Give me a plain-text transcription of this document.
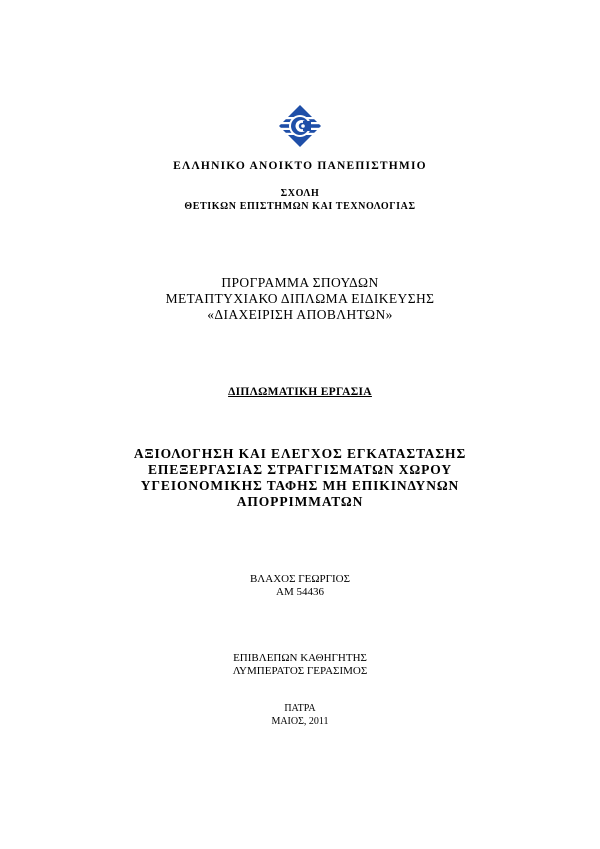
ΕΛΛΗΝΙΚΟ ΑΝΟΙΚΤΟ ΠΑΝΕΠΙΣΤΗΜΙΟ
ΣΧΟΛΗ
ΘΕΤΙΚΩΝ ΕΠΙΣΤΗΜΩΝ ΚΑΙ ΤΕΧΝΟΛΟΓΙΑΣ
ΠΡΟΓΡΑΜΜΑ ΣΠΟΥΔΩΝ
ΜΕΤΑΠΤΥΧΙΑΚΟ ΔΙΠΛΩΜΑ ΕΙΔΙΚΕΥΣΗΣ
«ΔΙΑΧΕΙΡΙΣΗ ΑΠΟΒΛΗΤΩΝ»
ΔΙΠΛΩΜΑΤΙΚΗ ΕΡΓΑΣΙΑ
ΑΞΙΟΛΟΓΗΣΗ ΚΑΙ ΕΛΕΓΧΟΣ ΕΓΚΑΤΑΣΤΑΣΗΣ
ΕΠΕΞΕΡΓΑΣΙΑΣ ΣΤΡΑΓΓΙΣΜΑΤΩΝ ΧΩΡΟΥ
ΥΓΕΙΟΝΟΜΙΚΗΣ ΤΑΦΗΣ ΜΗ ΕΠΙΚΙΝΔΥΝΩΝ
ΑΠΟΡΡΙΜΜΑΤΩΝ
ΒΛΑΧΟΣ ΓΕΩΡΓΙΟΣ
ΑΜ 54436
ΕΠΙΒΛΕΠΩΝ ΚΑΘΗΓΗΤΗΣ
ΛΥΜΠΕΡΑΤΟΣ ΓΕΡΑΣΙΜΟΣ
ΠΑΤΡΑ
ΜΑΙΟΣ, 2011
